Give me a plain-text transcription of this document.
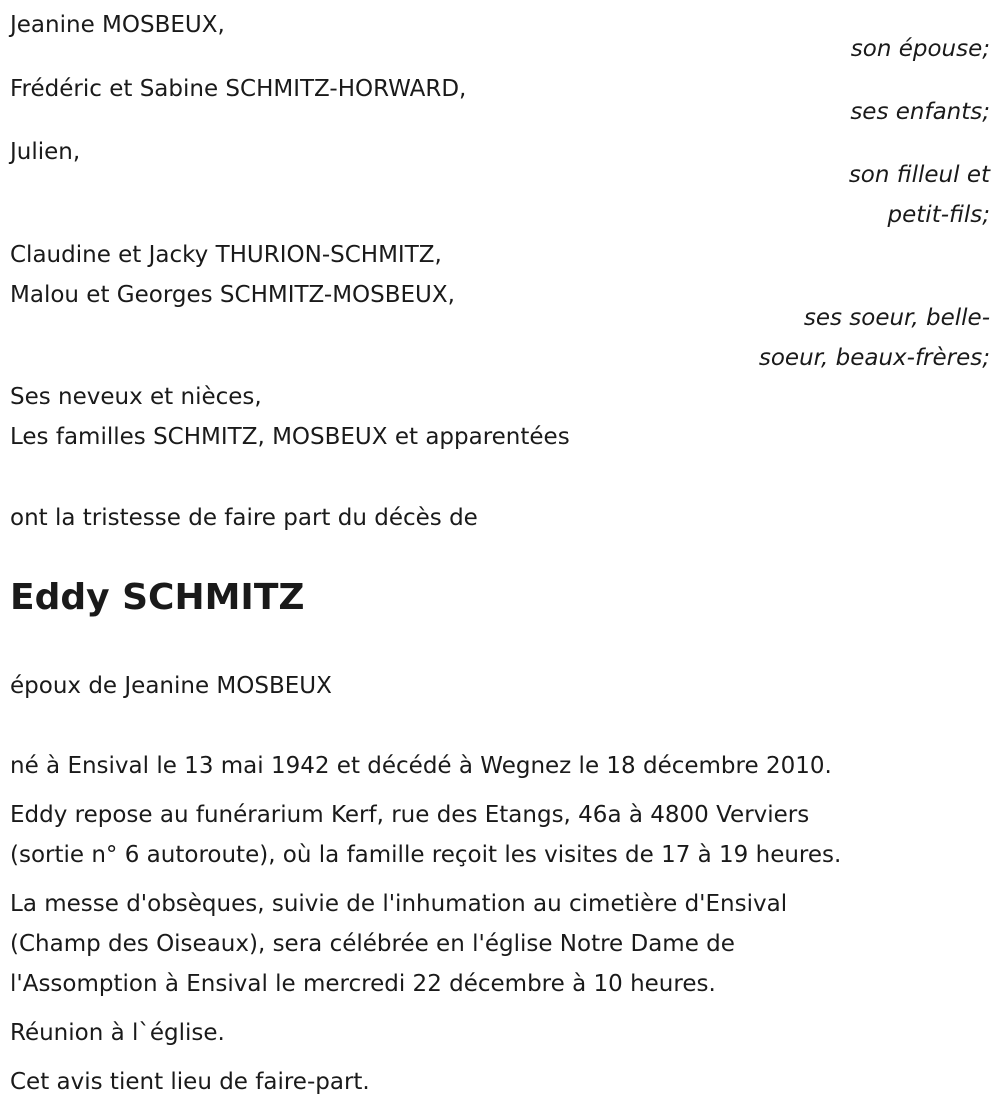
Jeanine MOSBEUX,
son épouse;
Frédéric et Sabine SCHMITZ-HORWARD,
ses enfants;
Julien,
son filleul et
petit-fils;
Claudine et Jacky THURION-SCHMITZ,
Malou et Georges SCHMITZ-MOSBEUX,
ses soeur, belle-
soeur, beaux-frères;
Ses neveux et nièces,
Les familles SCHMITZ, MOSBEUX et apparentées
ont la tristesse de faire part du décès de
Eddy SCHMITZ
époux de Jeanine MOSBEUX
né à Ensival le 13 mai 1942 et décédé à Wegnez le 18 décembre 2010.
Eddy repose au funérarium Kerf, rue des Etangs, 46a à 4800 Verviers
(sortie n° 6 autoroute), où la famille reçoit les visites de 17 à 19 heures.
La messe d'obsèques, suivie de l'inhumation au cimetière d'Ensival
(Champ des Oiseaux), sera célébrée en l'église Notre Dame de
l'Assomption à Ensival le mercredi 22 décembre à 10 heures.
Réunion à l`église.
Cet avis tient lieu de faire-part.
